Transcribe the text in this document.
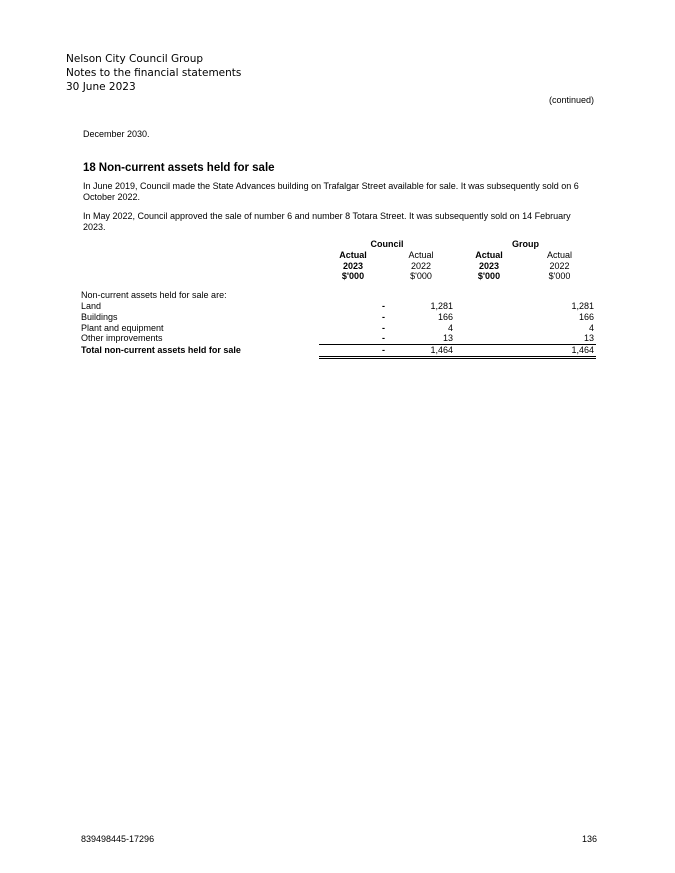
Nelson City Council Group
Notes to the financial statements
30 June 2023
(continued)
December 2030.
18 Non-current assets held for sale
In June 2019, Council made the State Advances building on Trafalgar Street available for sale. It was subsequently sold on 6 October 2022.
In May 2022, Council approved the sale of number 6 and number 8 Totara Street. It was subsequently sold on 14 February 2023.
	Council		Group	
	Actual	Actual	Actual	Actual
	2023	2022	2023	2022
	$'000	$'000	$'000	$'000

Non-current assets held for sale are:				
Land	-	1,281		1,281
Buildings	-	166		166
Plant and equipment	-	4		4
Other improvements	-	13		13
Total non-current assets held for sale	-	1,464		1,464
839498445-17296	136
